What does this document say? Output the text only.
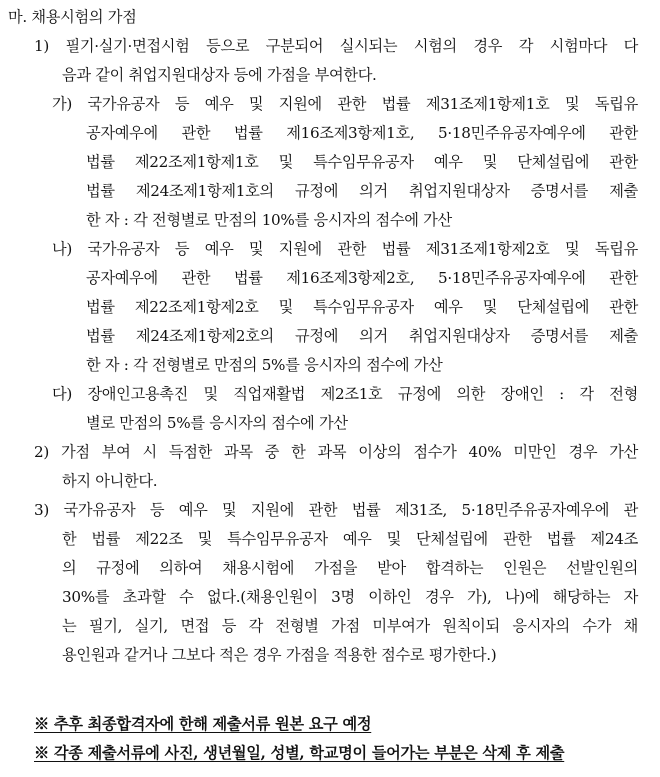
마. 채용시험의 가점
1) 필기·실기·면접시험 등으로 구분되어 실시되는 시험의 경우 각 시험마다 다
음과 같이 취업지원대상자 등에 가점을 부여한다.
가) 국가유공자 등 예우 및 지원에 관한 법률 제31조제1항제1호 및 독립유
공자예우에 관한 법률 제16조제3항제1호, 5·18민주유공자예우에 관한
법률 제22조제1항제1호 및 특수임무유공자 예우 및 단체설립에 관한
법률 제24조제1항제1호의 규정에 의거 취업지원대상자 증명서를 제출
한 자 : 각 전형별로 만점의 10%를 응시자의 점수에 가산
나) 국가유공자 등 예우 및 지원에 관한 법률 제31조제1항제2호 및 독립유
공자예우에 관한 법률 제16조제3항제2호, 5·18민주유공자예우에 관한
법률 제22조제1항제2호 및 특수임무유공자 예우 및 단체설립에 관한
법률 제24조제1항제2호의 규정에 의거 취업지원대상자 증명서를 제출
한 자 : 각 전형별로 만점의 5%를 응시자의 점수에 가산
다) 장애인고용촉진 및 직업재활법 제2조1호 규정에 의한 장애인 : 각 전형
별로 만점의 5%를 응시자의 점수에 가산
2) 가점 부여 시 득점한 과목 중 한 과목 이상의 점수가 40% 미만인 경우 가산
하지 아니한다.
3) 국가유공자 등 예우 및 지원에 관한 법률 제31조, 5·18민주유공자예우에 관
한 법률 제22조 및 특수임무유공자 예우 및 단체설립에 관한 법률 제24조
의 규정에 의하여 채용시험에 가점을 받아 합격하는 인원은 선발인원의
30%를 초과할 수 없다.(채용인원이 3명 이하인 경우 가), 나)에 해당하는 자
는 필기, 실기, 면접 등 각 전형별 가점 미부여가 원칙이되 응시자의 수가 채
용인원과 같거나 그보다 적은 경우 가점을 적용한 점수로 평가한다.)
※ 추후 최종합격자에 한해 제출서류 원본 요구 예정
※ 각종 제출서류에 사진, 생년월일, 성별, 학교명이 들어가는 부분은 삭제 후 제출
